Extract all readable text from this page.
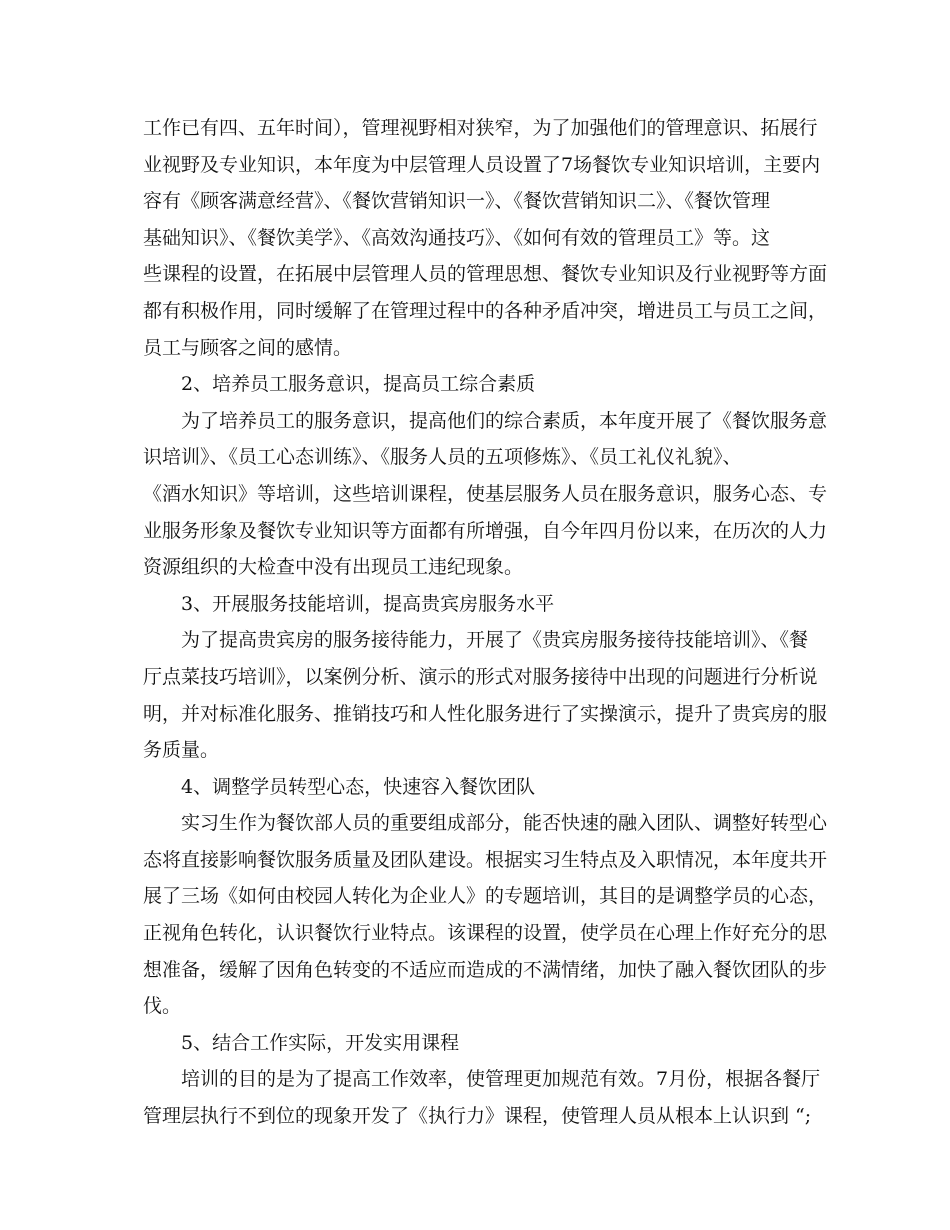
工作已有四、五年时间），管理视野相对狭窄，为了加强他们的管理意识、拓展行
业视野及专业知识，本年度为中层管理人员设置了7场餐饮专业知识培训，主要内
容有《顾客满意经营》、《餐饮营销知识一》、《餐饮营销知识二》、《餐饮管理
基础知识》、《餐饮美学》、《高效沟通技巧》、《如何有效的管理员工》等。这
些课程的设置，在拓展中层管理人员的管理思想、餐饮专业知识及行业视野等方面
都有积极作用，同时缓解了在管理过程中的各种矛盾冲突，增进员工与员工之间，
员工与顾客之间的感情。
2、培养员工服务意识，提高员工综合素质
为了培养员工的服务意识，提高他们的综合素质，本年度开展了《餐饮服务意
识培训》、《员工心态训练》、《服务人员的五项修炼》、《员工礼仪礼貌》、
《酒水知识》等培训，这些培训课程，使基层服务人员在服务意识，服务心态、专
业服务形象及餐饮专业知识等方面都有所增强，自今年四月份以来，在历次的人力
资源组织的大检查中没有出现员工违纪现象。
3、开展服务技能培训，提高贵宾房服务水平
为了提高贵宾房的服务接待能力，开展了《贵宾房服务接待技能培训》、《餐
厅点菜技巧培训》，以案例分析、演示的形式对服务接待中出现的问题进行分析说
明，并对标准化服务、推销技巧和人性化服务进行了实操演示，提升了贵宾房的服
务质量。
4、调整学员转型心态，快速容入餐饮团队
实习生作为餐饮部人员的重要组成部分，能否快速的融入团队、调整好转型心
态将直接影响餐饮服务质量及团队建设。根据实习生特点及入职情况，本年度共开
展了三场《如何由校园人转化为企业人》的专题培训，其目的是调整学员的心态，
正视角色转化，认识餐饮行业特点。该课程的设置，使学员在心理上作好充分的思
想准备，缓解了因角色转变的不适应而造成的不满情绪，加快了融入餐饮团队的步
伐。
5、结合工作实际，开发实用课程
培训的目的是为了提高工作效率，使管理更加规范有效。7月份，根据各餐厅
管理层执行不到位的现象开发了《执行力》课程，使管理人员从根本上认识到 “;
